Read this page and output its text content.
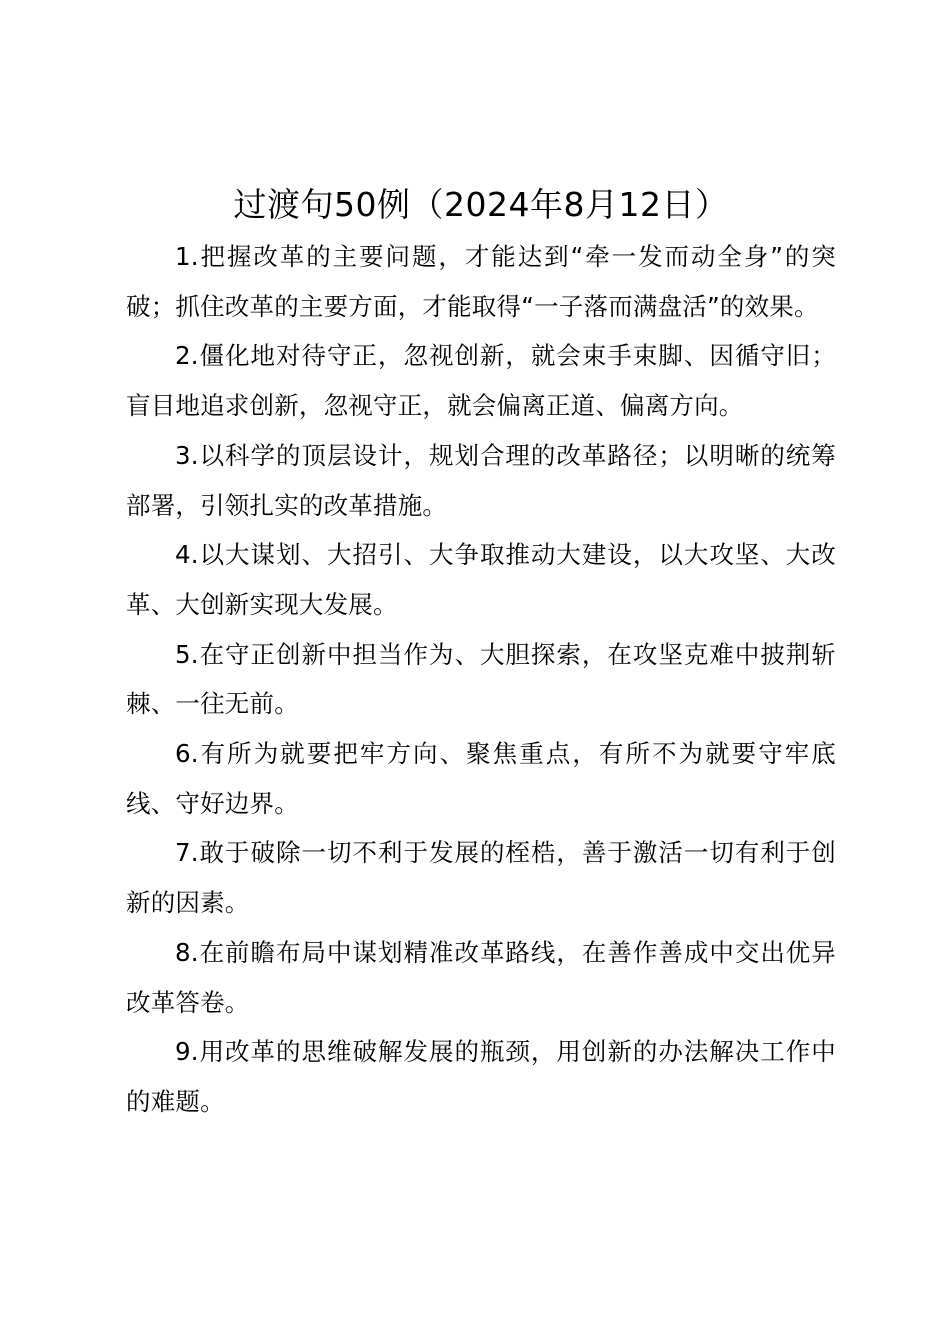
过渡句50例（2024年8月12日）

1.把握改革的主要问题，才能达到“牵一发而动全身”的突破；抓住改革的主要方面，才能取得“一子落而满盘活”的效果。

2.僵化地对待守正，忽视创新，就会束手束脚、因循守旧；盲目地追求创新，忽视守正，就会偏离正道、偏离方向。

3.以科学的顶层设计，规划合理的改革路径；以明晰的统筹部署，引领扎实的改革措施。

4.以大谋划、大招引、大争取推动大建设，以大攻坚、大改革、大创新实现大发展。

5.在守正创新中担当作为、大胆探索，在攻坚克难中披荆斩棘、一往无前。

6.有所为就要把牢方向、聚焦重点，有所不为就要守牢底线、守好边界。

7.敢于破除一切不利于发展的桎梏，善于激活一切有利于创新的因素。

8.在前瞻布局中谋划精准改革路线，在善作善成中交出优异改革答卷。

9.用改革的思维破解发展的瓶颈，用创新的办法解决工作中的难题。
